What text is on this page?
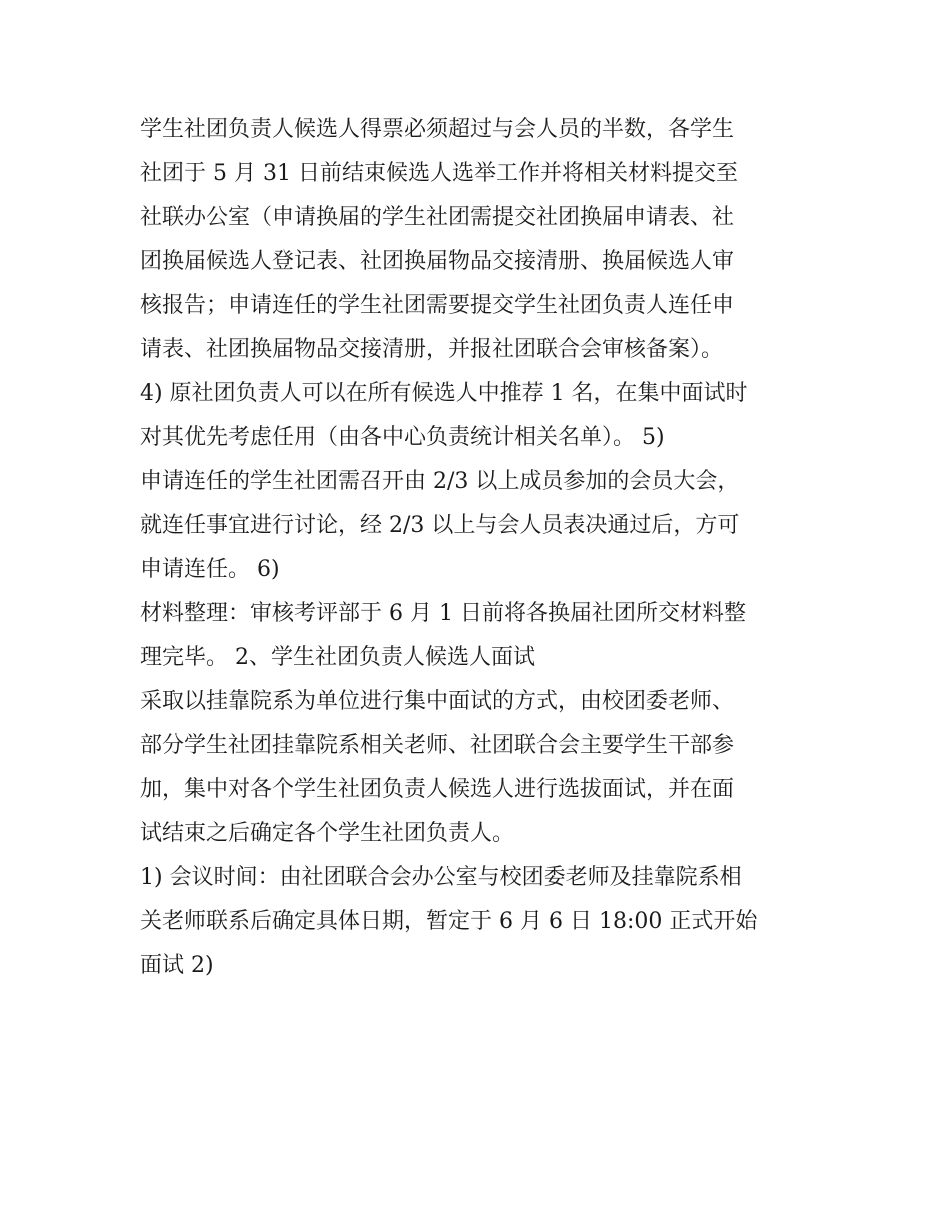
学生社团负责人候选人得票必须超过与会人员的半数，各学生
社团于 5 月 31 日前结束候选人选举工作并将相关材料提交至
社联办公室（申请换届的学生社团需提交社团换届申请表、社
团换届候选人登记表、社团换届物品交接清册、换届候选人审
核报告；申请连任的学生社团需要提交学生社团负责人连任申
请表、社团换届物品交接清册，并报社团联合会审核备案）。
4) 原社团负责人可以在所有候选人中推荐 1 名，在集中面试时
对其优先考虑任用（由各中心负责统计相关名单）。 5)
申请连任的学生社团需召开由 2/3 以上成员参加的会员大会，
就连任事宜进行讨论，经 2/3 以上与会人员表决通过后，方可
申请连任。 6)
材料整理：审核考评部于 6 月 1 日前将各换届社团所交材料整
理完毕。 2、学生社团负责人候选人面试
采取以挂靠院系为单位进行集中面试的方式，由校团委老师、
部分学生社团挂靠院系相关老师、社团联合会主要学生干部参
加，集中对各个学生社团负责人候选人进行选拔面试，并在面
试结束之后确定各个学生社团负责人。
1) 会议时间：由社团联合会办公室与校团委老师及挂靠院系相
关老师联系后确定具体日期，暂定于 6 月 6 日 18:00 正式开始
面试 2)
